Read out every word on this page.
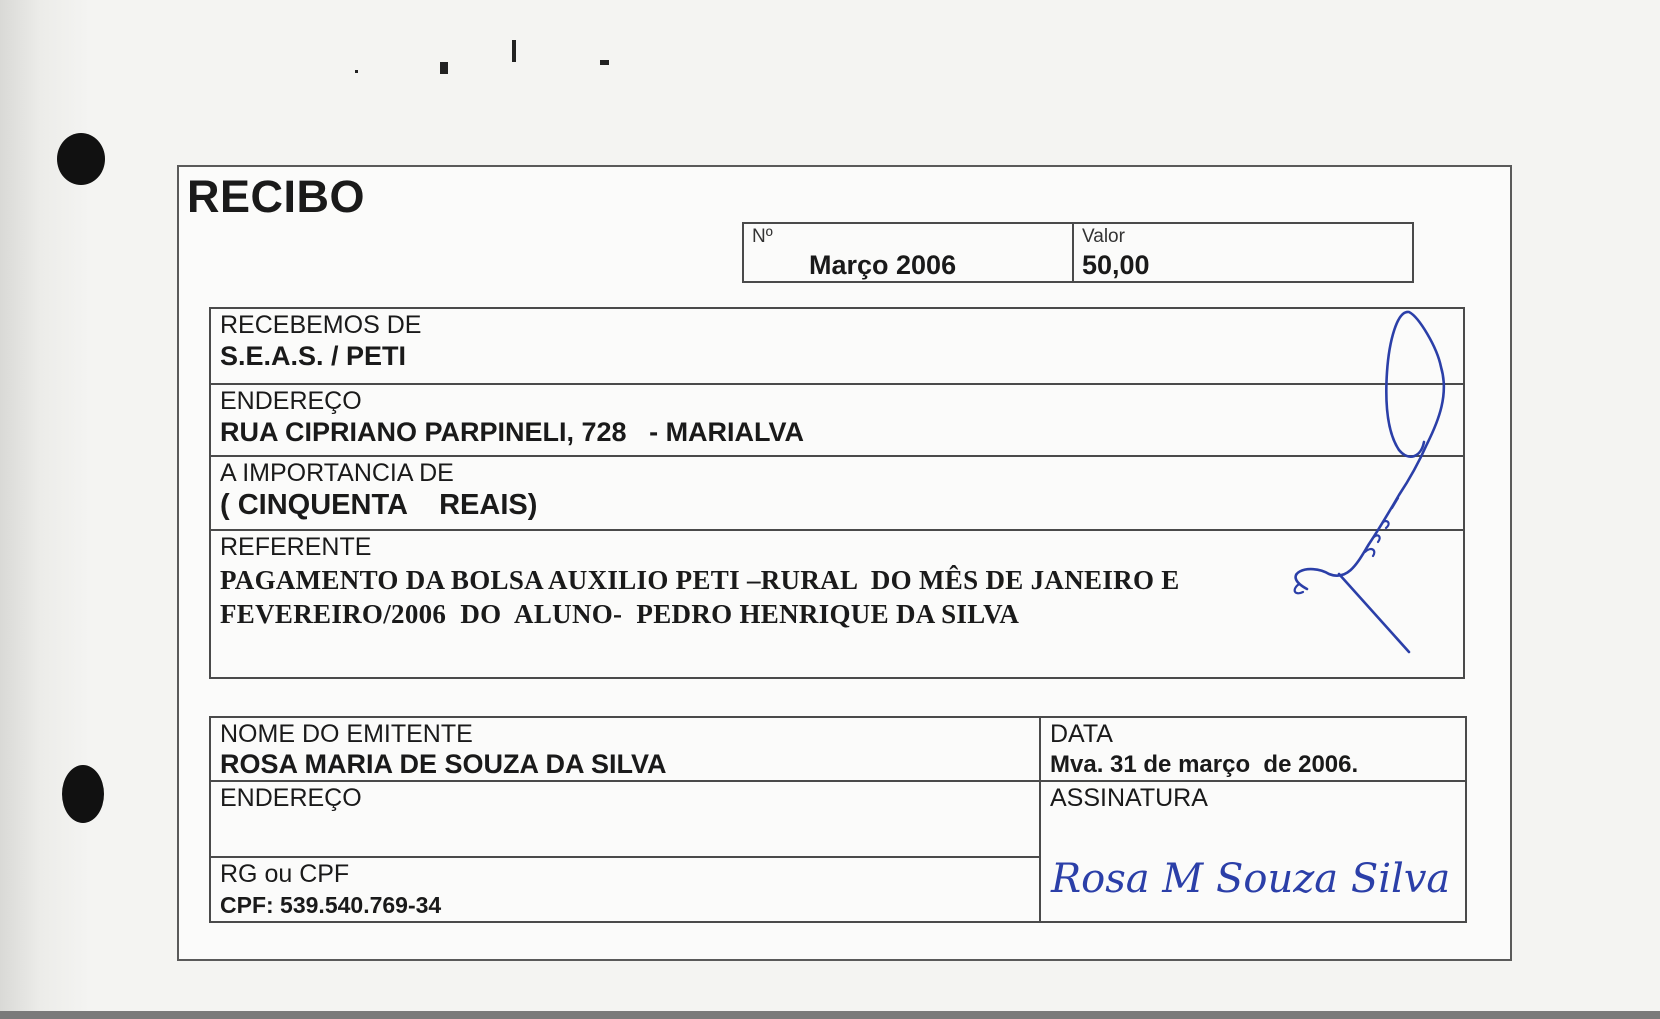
RECIBO
Nº
Março 2006
Valor
50,00
RECEBEMOS DE
S.E.A.S. / PETI
ENDEREÇO
RUA CIPRIANO PARPINELI, 728   - MARIALVA
A IMPORTANCIA DE
( CINQUENTA    REAIS)
REFERENTE
PAGAMENTO DA BOLSA AUXILIO PETI –RURAL  DO MÊS DE JANEIRO E
FEVEREIRO/2006  DO  ALUNO-  PEDRO HENRIQUE DA SILVA
NOME DO EMITENTE
ROSA MARIA DE SOUZA DA SILVA
ENDEREÇO
RG ou CPF
CPF: 539.540.769-34
DATA
Mva. 31 de março  de 2006.
ASSINATURA
Rosa M Souza Silva
